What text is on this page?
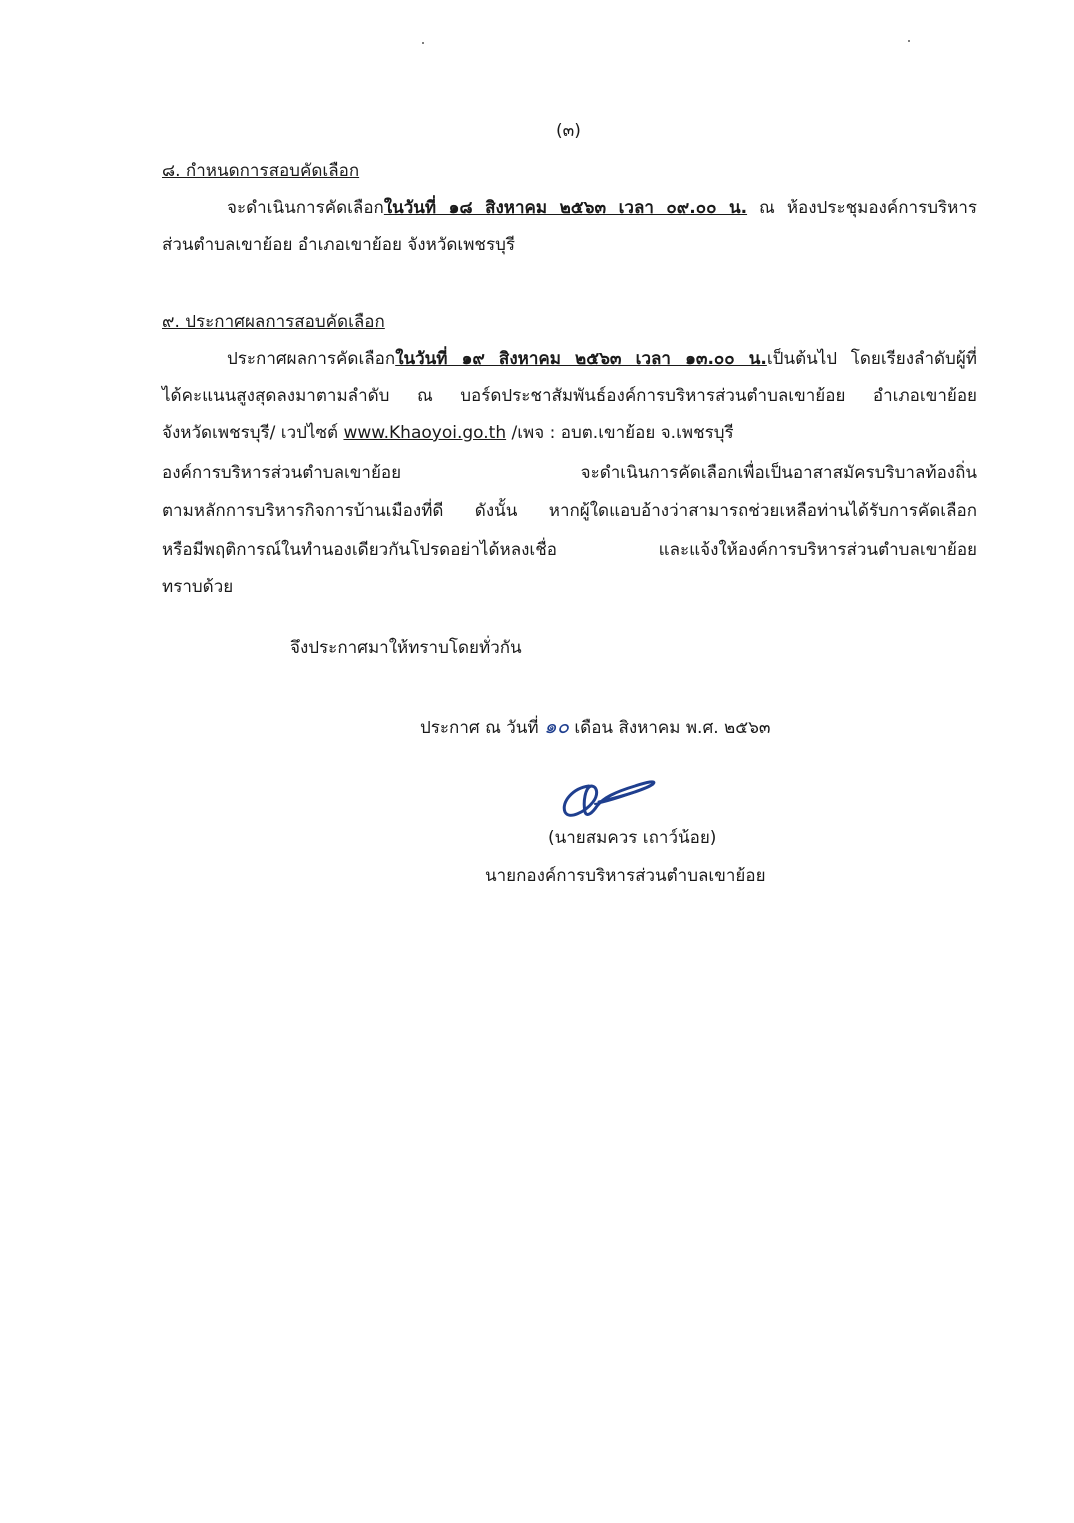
(๓)
๘. กำหนดการสอบคัดเลือก
จะดำเนินการคัดเลือกในวันที่ ๑๘ สิงหาคม ๒๕๖๓ เวลา ๐๙.๐๐ น. ณ ห้องประชุมองค์การบริหาร
ส่วนตำบลเขาย้อย อำเภอเขาย้อย จังหวัดเพชรบุรี
๙. ประกาศผลการสอบคัดเลือก
ประกาศผลการคัดเลือกในวันที่ ๑๙ สิงหาคม ๒๕๖๓ เวลา ๑๓.๐๐ น.เป็นต้นไป โดยเรียงลำดับผู้ที่
ได้คะแนนสูงสุดลงมาตามลำดับ ณ บอร์ดประชาสัมพันธ์องค์การบริหารส่วนตำบลเขาย้อย อำเภอเขาย้อย
จังหวัดเพชรบุรี/ เวปไซต์ www.Khaoyoi.go.th /เพจ : อบต.เขาย้อย จ.เพชรบุรี
องค์การบริหารส่วนตำบลเขาย้อย จะดำเนินการคัดเลือกเพื่อเป็นอาสาสมัครบริบาลท้องถิ่น
ตามหลักการบริหารกิจการบ้านเมืองที่ดี ดังนั้น หากผู้ใดแอบอ้างว่าสามารถช่วยเหลือท่านได้รับการคัดเลือก
หรือมีพฤติการณ์ในทำนองเดียวกันโปรดอย่าได้หลงเชื่อ และแจ้งให้องค์การบริหารส่วนตำบลเขาย้อย
ทราบด้วย
จึงประกาศมาให้ทราบโดยทั่วกัน
ประกาศ ณ วันที่ ๑๐ เดือน สิงหาคม พ.ศ. ๒๕๖๓
(นายสมควร เถาว์น้อย)
นายกองค์การบริหารส่วนตำบลเขาย้อย
